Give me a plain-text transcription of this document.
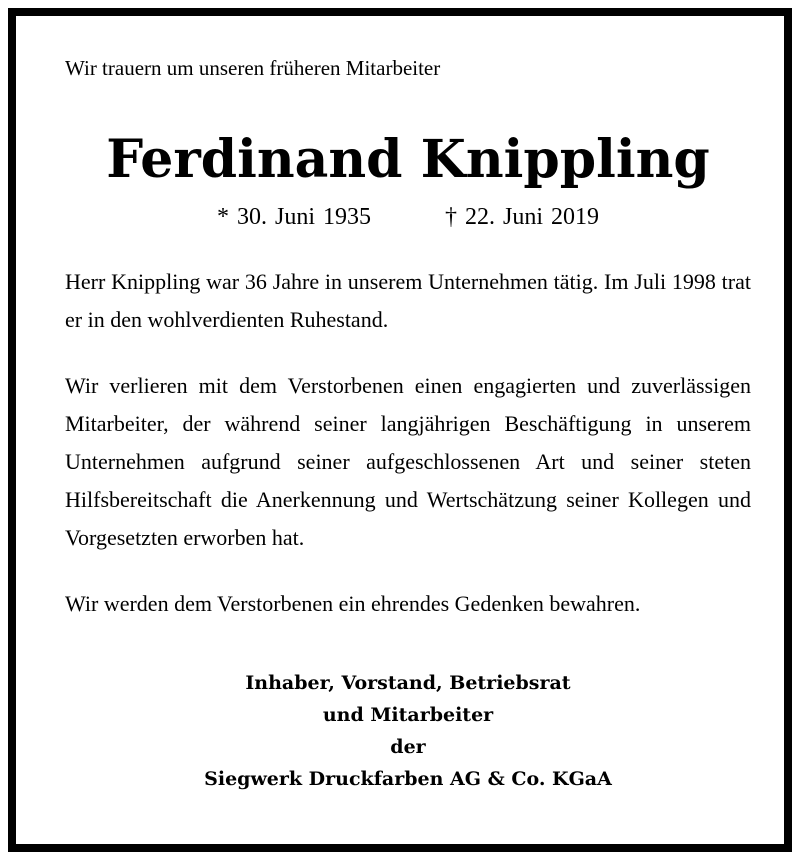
Wir trauern um unseren früheren Mitarbeiter

Ferdinand Knippling

* 30. Juni 1935	† 22. Juni 2019

Herr Knippling war 36 Jahre in unserem Unternehmen tätig. Im Juli 1998 trat er in den wohlverdienten Ruhestand.

Wir verlieren mit dem Verstorbenen einen engagierten und zuverlässigen Mitarbeiter, der während seiner langjährigen Beschäftigung in unserem Unternehmen aufgrund seiner aufgeschlossenen Art und seiner steten Hilfsbereitschaft die Anerkennung und Wertschätzung seiner Kollegen und Vorgesetzten erworben hat.

Wir werden dem Verstorbenen ein ehrendes Gedenken bewahren.

Inhaber, Vorstand, Betriebsrat
und Mitarbeiter
der
Siegwerk Druckfarben AG & Co. KGaA
